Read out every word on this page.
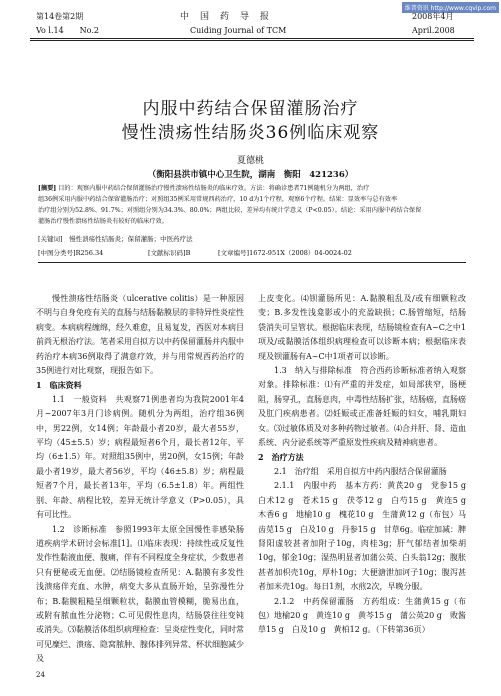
维普资讯 http://www.cqvip.com
第14卷第2期	中　国　药　导　报	2008年4月
Vo l.14　　No.2	Cuiding Journal of TCM	April.2008
内服中药结合保留灌肠治疗
慢性溃疡性结肠炎36例临床观察
夏德桃
（衡阳县洪市镇中心卫生院，湖南　衡阳　421236）
[摘要] 目的：观察内服中药结合保留灌肠治疗慢性溃疡性结肠炎的临床疗效。方法：将确诊患者71例随机分为两组，治疗
组36例采用内服中药结合保留灌肠治疗；对照组35例采用常规西药治疗，10 d为1个疗程，观察6个疗程。结果：显效率与总有效率
治疗组分别为52.8%、91.7%；对照组分别为34.3%、80.0%；两组比较，差异均有统计学意义（P<0.05）。结论：采用内服中药结合保留
灌肠治疗慢性溃疡性结肠炎有较好的临床疗效。
[关键词]　慢性溃疡性结肠炎；保留灌肠；中医药疗法
[中图分类号]R256.34	[文献标识码]B	[文章编号]1672-951X（2008）04-0024-02

慢性溃疡性结肠炎（ulcerative colitis）是一种原因不明与自身免疫有关的直肠与结肠黏膜层的非特异性炎症性病变。本病病程缠绵，经久难愈，且易复发，西医对本病目前尚无根治疗法。笔者采用自拟方以中药保留灌肠并内服中药治疗本病36例取得了满意疗效，并与用常规西药治疗的35例进行对比观察，现报告如下。

1　临床资料

1.1　一般资料　共观察71例患者均为我院2001年4月~2007年3月门诊病例。随机分为两组，治疗组36例中，男22例，女14例；年龄最小者20岁，最大者55岁，平均（45±5.5）岁；病程最短者6个月，最长者12年，平均（6±1.5）年。对照组35例中，男20例，女15例；年龄最小者19岁，最大者56岁，平均（46±5.8）岁；病程最短者7个月，最长者13年，平均（6.5±1.8）年。两组性别、年龄、病程比较，差异无统计学意义（P>0.05），具有可比性。

1.2　诊断标准　参照1993年太原全国慢性非感染肠道疾病学术研讨会标准[1]。⑴临床表现：持续性或反复性发作性黏液血便、腹痛，伴有不同程度全身症状，少数患者只有便秘或无血便。⑵结肠镜检查所见：A.黏膜有多发性浅溃疡伴充血、水肿，病变大多从直肠开始，呈弥漫性分布；B.黏膜粗糙呈细颗粒状，黏膜血管模糊，脆易出血，或附有脓血性分泌物；C.可见假性息肉，结肠袋往往变钝或消失。⑶黏膜活体组织病理检查：呈炎症性变化，同时常可见糜烂、溃疡、隐窝脓肿、腺体排列异常、杯状细胞减少及

上皮变化。⑷钡灌肠所见：A.黏膜粗乱及/或有细颗粒改变；B.多发性浅龛影或小的充盈缺损；C.肠管缩短，结肠袋消失可呈管状。根据临床表现，结肠镜检查有A~C之中1项及/或黏膜活体组织病理检查可以诊断本病；根据临床表现及钡灌肠有A~C中1项者可以诊断。

1.3　纳入与排除标准　符合西药诊断标准者纳入观察对象。排除标准：⑴有严重的并发症，如局部狭窄，肠梗阻，肠穿孔，直肠息肉，中毒性结肠扩张，结肠癌，直肠癌及肛门疾病患者。⑵妊娠或正准备妊娠的妇女，哺乳期妇女。⑶过敏体质及对多种药物过敏者。⑷合并肝、肾、造血系统、内分泌系统等严重原发性疾病及精神病患者。

2　治疗方法

2.1　治疗组　采用自拟方中药内服结合保留灌肠

2.1.1　内服中药　基本方药：黄芪20 g　党参15 g　白术12 g　苍术15 g　茯苓12 g　白芍15 g　黄连5 g　木香6 g　地榆10 g　槐花10 g　生蒲黄12 g（布包）马齿苋15 g　白及10 g　丹参15 g　甘草6g。临症加减：脾肾阳虚较甚者加附子10g，肉桂3g；肝气郁结者加柴胡10g，郁金10g；湿热明显者加蒲公英、白头翁12g；腹胀甚者加枳壳10g，厚朴10g；大便溏泄加诃子10g；腹泻甚者加米壳10g。每日1剂，水煎2次，早晚分服。

2.1.2　中药保留灌肠　方药组成：生蒲黄15 g（布包）地榆20 g　黄连10 g　黄芩15 g　蒲公英20 g　败酱草15 g　白及10 g　黄柏12 g。（下转第36页）

24
